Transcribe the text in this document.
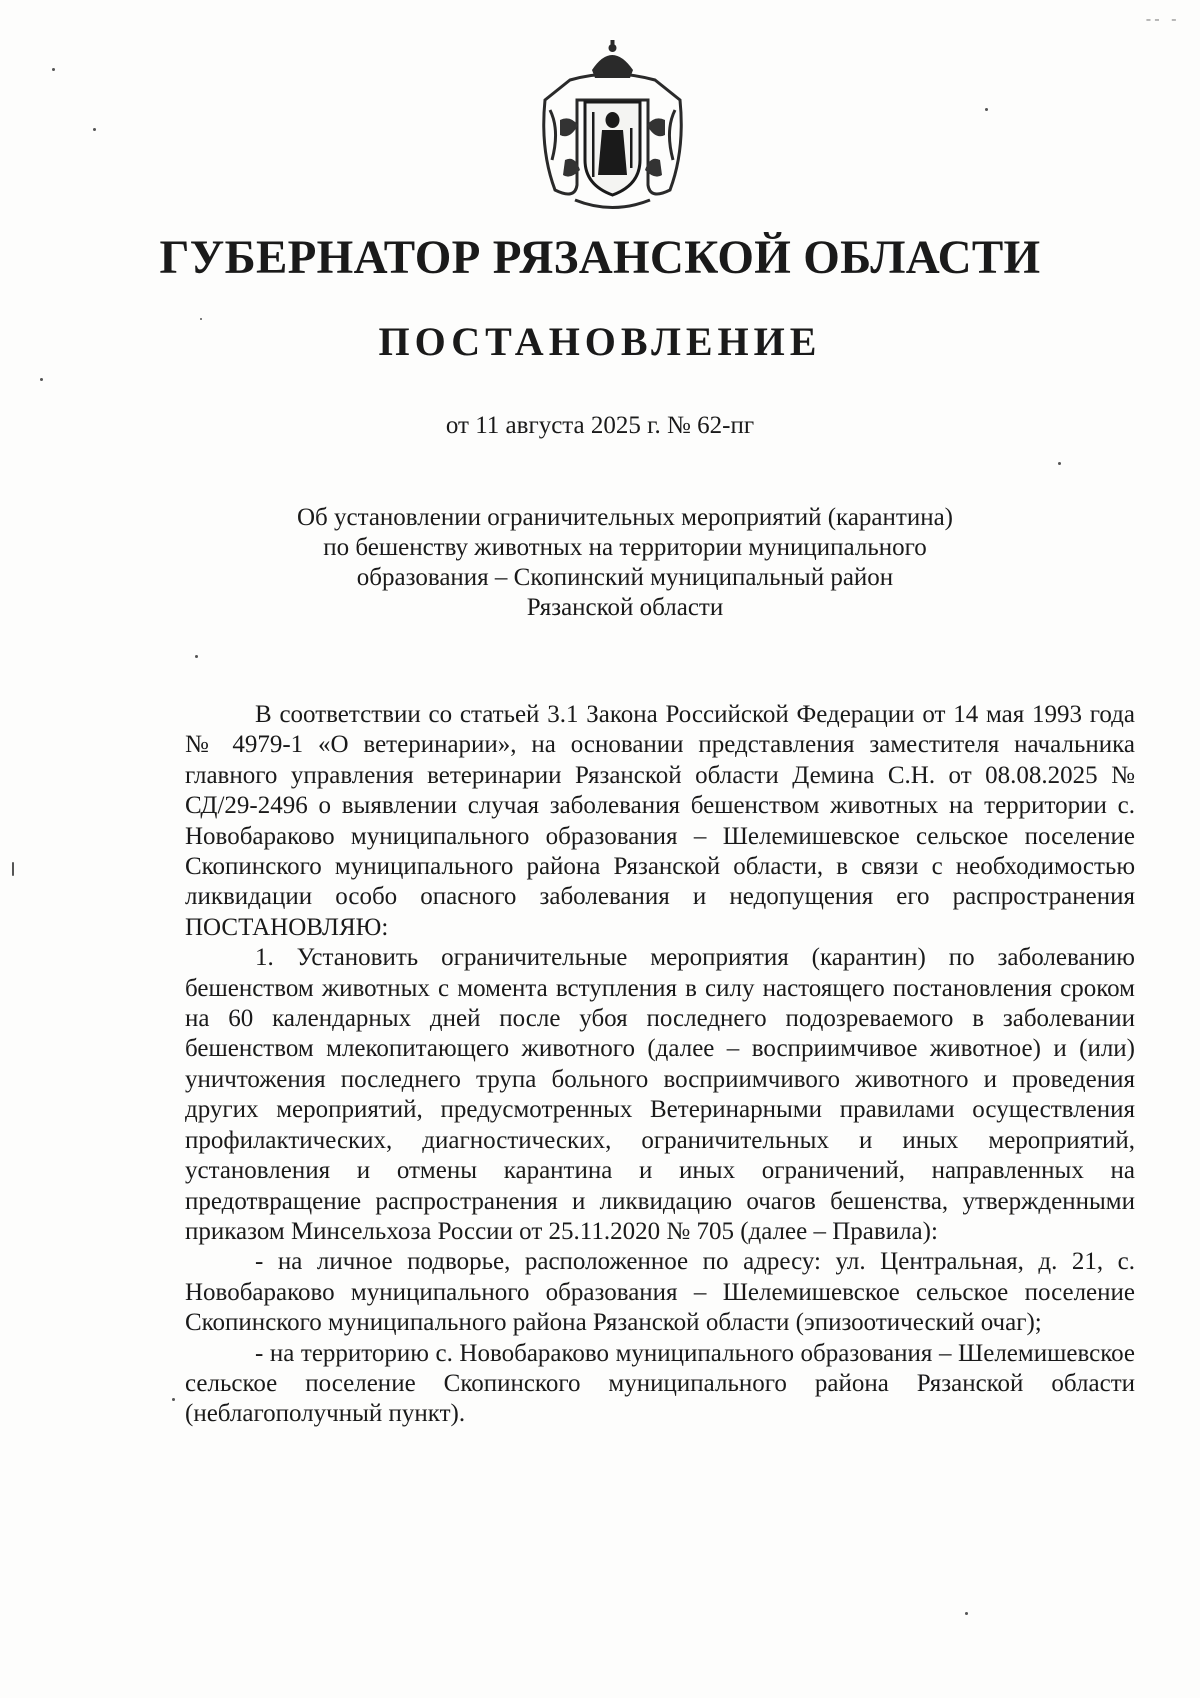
¯¯ ¯
ГУБЕРНАТОР РЯЗАНСКОЙ ОБЛАСТИ
ПОСТАНОВЛЕНИЕ
от 11 августа 2025 г. № 62-пг
Об установлении ограничительных мероприятий (карантина)
по бешенству животных на территории муниципального
образования – Скопинский муниципальный район
Рязанской области

В соответствии со статьей 3.1 Закона Российской Федерации от 14 мая 1993 года № 4979-1 «О ветеринарии», на основании представления заместителя начальника главного управления ветеринарии Рязанской области Демина С.Н. от 08.08.2025 № СД/29-2496 о выявлении случая заболевания бешенством животных на территории с. Новобараково муниципального образования – Шелемишевское сельское поселение Скопинского муниципального района Рязанской области, в связи с необходимостью ликвидации особо опасного заболевания и недопущения его распространения ПОСТАНОВЛЯЮ:

1. Установить ограничительные мероприятия (карантин) по заболеванию бешенством животных с момента вступления в силу настоящего постановления сроком на 60 календарных дней после убоя последнего подозреваемого в заболевании бешенством млекопитающего животного (далее – восприимчивое животное) и (или) уничтожения последнего трупа больного восприимчивого животного и проведения других мероприятий, предусмотренных Ветеринарными правилами осуществления профилактических, диагностических, ограничительных и иных мероприятий, установления и отмены карантина и иных ограничений, направленных на предотвращение распространения и ликвидацию очагов бешенства, утвержденными приказом Минсельхоза России от 25.11.2020 № 705 (далее – Правила):

- на личное подворье, расположенное по адресу: ул. Центральная, д. 21, с. Новобараково муниципального образования – Шелемишевское сельское поселение Скопинского муниципального района Рязанской области (эпизоотический очаг);

- на территорию с. Новобараково муниципального образования – Шелемишевское сельское поселение Скопинского муниципального района Рязанской области (неблагополучный пункт).
